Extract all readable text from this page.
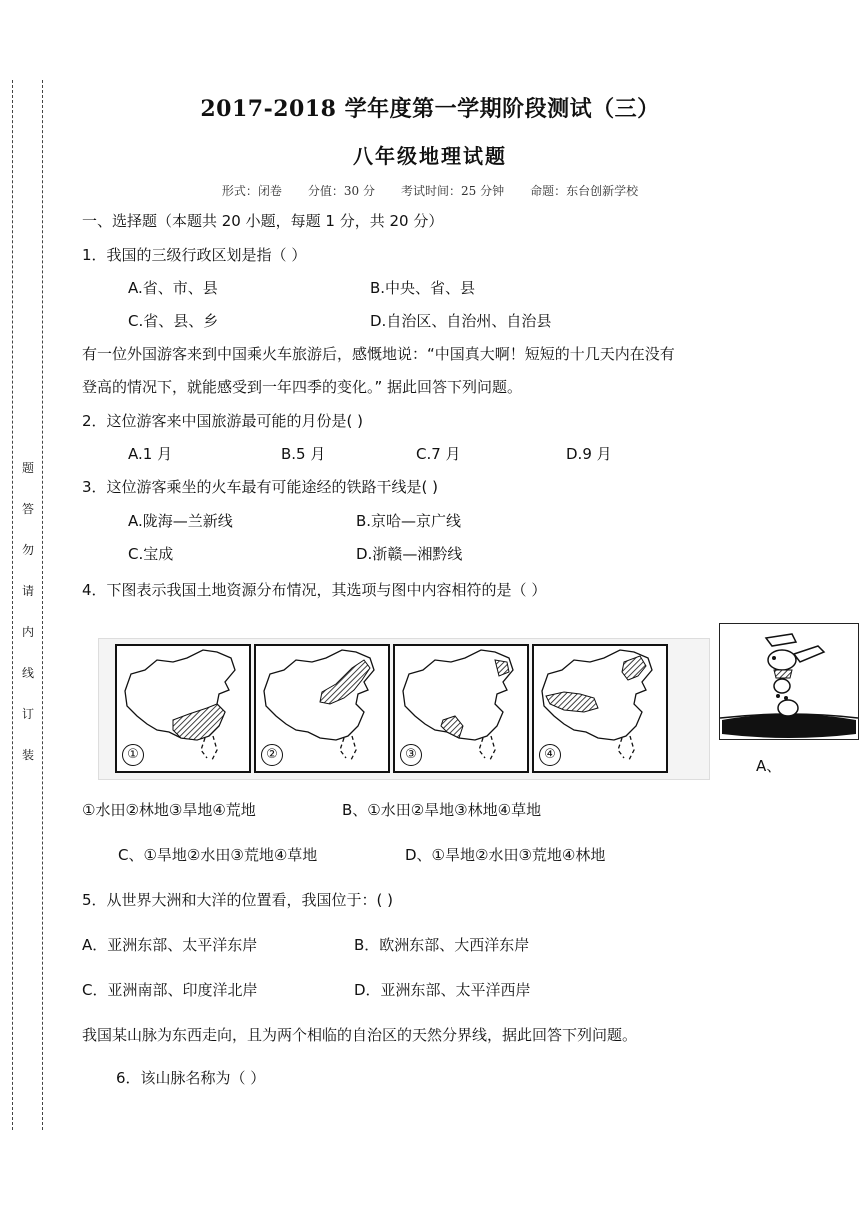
题
答
勿
请
内
线
订
装
2017-2018 学年度第一学期阶段测试（三）
八年级地理试题
形式：闭卷 分值：30 分 考试时间：25 分钟 命题：东台创新学校
一、选择题（本题共 20 小题，每题 1 分，共 20 分）
1．我国的三级行政区划是指（ ）
A.省、市、县	B.中央、省、县
C.省、县、乡	D.自治区、自治州、自治县
有一位外国游客来到中国乘火车旅游后，感慨地说：“中国真大啊！短短的十几天内在没有
登高的情况下，就能感受到一年四季的变化。” 据此回答下列问题。
2．这位游客来中国旅游最可能的月份是( )
A.1 月	B.5 月	C.7 月	D.9 月
3．这位游客乘坐的火车最有可能途经的铁路干线是( )
A.陇海—兰新线	B.京哈—京广线
C.宝成	D.浙赣—湘黔线
4．下图表示我国土地资源分布情况，其选项与图中内容相符的是（ ）
①	②	③	④
A、
①水田②林地③旱地④荒地	B、①水田②旱地③林地④草地
C、①旱地②水田③荒地④草地	D、①旱地②水田③荒地④林地
5．从世界大洲和大洋的位置看，我国位于：( )
A．亚洲东部、太平洋东岸	B．欧洲东部、大西洋东岸
C．亚洲南部、印度洋北岸	D．亚洲东部、太平洋西岸
我国某山脉为东西走向，且为两个相临的自治区的天然分界线，据此回答下列问题。
6．该山脉名称为（ ）
